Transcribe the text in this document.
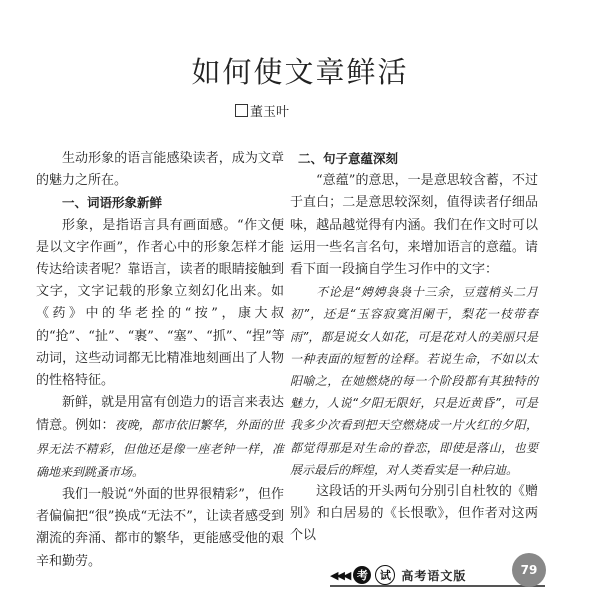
如何使文章鲜活
董玉叶

生动形象的语言能感染读者，成为文章的魅力之所在。

一、词语形象新鲜

形象，是指语言具有画面感。“作文便是以文字作画”，作者心中的形象怎样才能传达给读者呢？靠语言，读者的眼睛接触到文字，文字记载的形象立刻幻化出来。如《药》中的华老拴的“按”，康大叔的“抢”、“扯”、“裹”、“塞”、“抓”、“捏”等动词，这些动词都无比精准地刻画出了人物的性格特征。

新鲜，就是用富有创造力的语言来表达情意。例如：夜晚，都市依旧繁华，外面的世界无法不精彩，但他还是像一座老钟一样，准确地来到跳蚤市场。

我们一般说“外面的世界很精彩”，但作者偏偏把“很”换成“无法不”，让读者感受到潮流的奔涌、都市的繁华，更能感受他的艰辛和勤劳。

二、句子意蕴深刻

“意蕴”的意思，一是意思较含蓄，不过于直白；二是意思较深刻，值得读者仔细品味，越品越觉得有内涵。我们在作文时可以运用一些名言名句，来增加语言的意蕴。请看下面一段摘自学生习作中的文字：

不论是“娉娉袅袅十三余，豆蔻梢头二月初”，还是“玉容寂寞泪阑干，梨花一枝带春雨”，都是说女人如花，可是花对人的美丽只是一种表面的短暂的诠释。若说生命，不如以太阳喻之，在她燃烧的每一个阶段都有其独特的魅力，人说“夕阳无限好，只是近黄昏”，可是我多少次看到把天空燃烧成一片火红的夕阳，都觉得那是对生命的眷恋，即使是落山，也要展示最后的辉煌，对人类看实是一种启迪。

这段话的开头两句分别引自杜牧的《赠别》和白居易的《长恨歌》，但作者对这两个以

◀◀◀ 考	试 高考语文版	79
